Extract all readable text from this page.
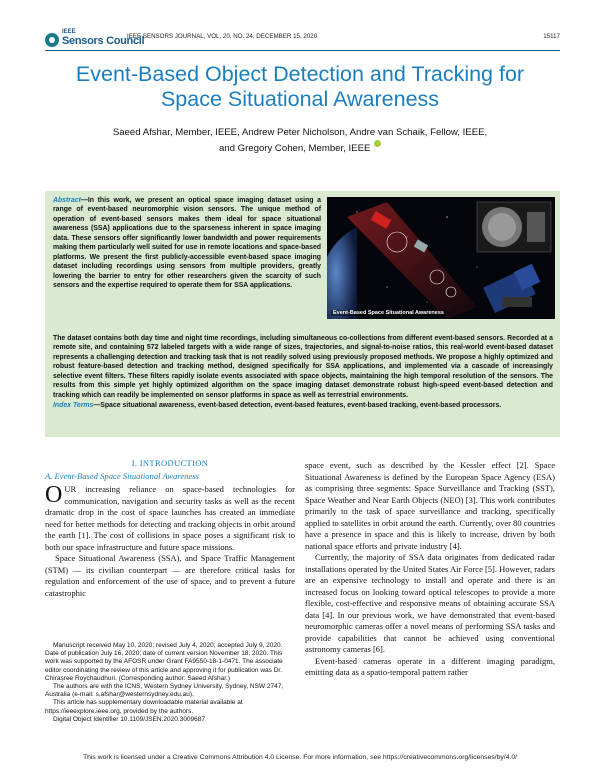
IEEE
Sensors Council
IEEE SENSORS JOURNAL, VOL. 20, NO. 24, DECEMBER 15, 2020	15117
Event-Based Object Detection and Tracking for
Space Situational Awareness
Saeed Afshar, Member, IEEE, Andrew Peter Nicholson, Andre van Schaik, Fellow, IEEE,
and Gregory Cohen, Member, IEEE
Abstract—In this work, we present an optical space imaging dataset using a range of event-based neuromorphic vision sensors. The unique method of operation of event-based sensors makes them ideal for space situational awareness (SSA) applications due to the sparseness inherent in space imaging data. These sensors offer significantly lower bandwidth and power requirements making them particularly well suited for use in remote locations and space-based platforms. We present the first publicly-accessible event-based space imaging dataset including recordings using sensors from multiple providers, greatly lowering the barrier to entry for other researchers given the scarcity of such sensors and the expertise required to operate them for SSA applications.
The dataset contains both day time and night time recordings, including simultaneous co-collections from different event-based sensors. Recorded at a remote site, and containing 572 labeled targets with a wide range of sizes, trajectories, and signal-to-noise ratios, this real-world event-based dataset represents a challenging detection and tracking task that is not readily solved using previously proposed methods. We propose a highly optimized and robust feature-based detection and tracking method, designed specifically for SSA applications, and implemented via a cascade of increasingly selective event filters. These filters rapidly isolate events associated with space objects, maintaining the high temporal resolution of the sensors. The results from this simple yet highly optimized algorithm on the space imaging dataset demonstrate robust high-speed event-based detection and tracking which can readily be implemented on sensor platforms in space as well as terrestrial environments.
Index Terms—Space situational awareness, event-based detection, event-based features, event-based tracking, event-based processors.
Event-Based Space Situational Awareness
I. INTRODUCTION
A. Event-Based Space Situational Awareness

OUR increasing reliance on space-based technologies for communication, navigation and security tasks as well as the recent dramatic drop in the cost of space launches has created an immediate need for better methods for detecting and tracking objects in orbit around the earth [1]. The cost of collisions in space poses a significant risk to both our space infrastructure and future space missions.

Space Situational Awareness (SSA), and Space Traffic Management (STM) — its civilian counterpart — are therefore critical tasks for regulation and enforcement of the use of space, and to prevent a future catastrophic

Manuscript received May 10, 2020; revised July 4, 2020; accepted July 9, 2020. Date of publication July 16, 2020; date of current version November 18, 2020. This work was supported by the AFOSR under Grant FA9550-18-1-0471. The associate editor coordinating the review of this article and approving it for publication was Dr. Chirasree Roychaudhuri. (Corresponding author: Saeed Afshar.)

The authors are with the ICNS, Western Sydney University, Sydney, NSW 2747, Australia (e-mail: s.afshar@westernsydney.edu.au).

This article has supplementary downloadable material available at https://ieeexplore.ieee.org, provided by the authors.

Digital Object Identifier 10.1109/JSEN.2020.3009687

space event, such as described by the Kessler effect [2]. Space Situational Awareness is defined by the European Space Agency (ESA) as comprising three segments: Space Surveillance and Tracking (SST), Space Weather and Near Earth Objects (NEO) [3]. This work contributes primarily to the task of space surveillance and tracking, specifically applied to satellites in orbit around the earth. Currently, over 80 countries have a presence in space and this is likely to increase, driven by both national space efforts and private industry [4].

Currently, the majority of SSA data originates from dedicated radar installations operated by the United States Air Force [5]. However, radars are an expensive technology to install and operate and there is an increased focus on looking toward optical telescopes to provide a more flexible, cost-effective and responsive means of obtaining accurate SSA data [4]. In our previous work, we have demonstrated that event-based neuromorphic cameras offer a novel means of performing SSA tasks and provide capabilities that cannot be achieved using conventional astronomy cameras [6].

Event-based cameras operate in a different imaging paradigm, emitting data as a spatio-temporal pattern rather

This work is licensed under a Creative Commons Attribution 4.0 License. For more information, see https://creativecommons.org/licenses/by/4.0/
